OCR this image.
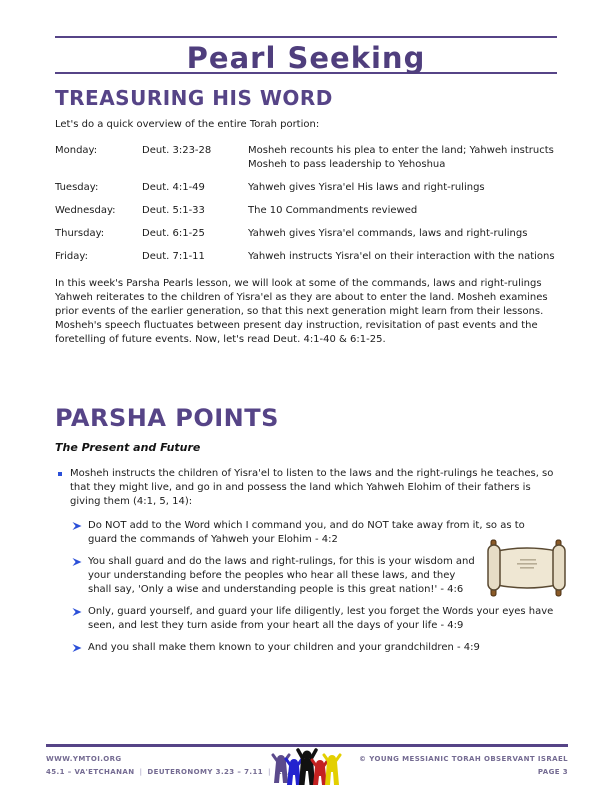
Pearl Seeking
TREASURING HIS WORD

Let's do a quick overview of the entire Torah portion:

Monday:	Deut. 3:23-28	Mosheh recounts his plea to enter the land; Yahweh instructs Mosheh to pass leadership to Yehoshua
Tuesday:	Deut. 4:1-49	Yahweh gives Yisra'el His laws and right-rulings
Wednesday:	Deut. 5:1-33	The 10 Commandments reviewed
Thursday:	Deut. 6:1-25	Yahweh gives Yisra'el commands, laws and right-rulings
Friday:	Deut. 7:1-11	Yahweh instructs Yisra'el on their interaction with the nations

In this week's Parsha Pearls lesson, we will look at some of the commands, laws and right-rulings Yahweh reiterates to the children of Yisra'el as they are about to enter the land. Mosheh examines prior events of the earlier generation, so that this next generation might learn from their lessons. Mosheh's speech fluctuates between present day instruction, revisitation of past events and the foretelling of future events. Now, let's read Deut. 4:1-40 & 6:1-25.

PARSHA POINTS
The Present and Future
Mosheh instructs the children of Yisra'el to listen to the laws and the right-rulings he teaches, so that they might live, and go in and possess the land which Yahweh Elohim of their fathers is giving them (4:1, 5, 14):
Do NOT add to the Word which I command you, and do NOT take away from it, so as to guard the commands of Yahweh your Elohim - 4:2
You shall guard and do the laws and right-rulings, for this is your wisdom and your understanding before the peoples who hear all these laws, and they shall say, 'Only a wise and understanding people is this great nation!' - 4:6
Only, guard yourself, and guard your life diligently, lest you forget the Words your eyes have seen, and lest they turn aside from your heart all the days of your life - 4:9
And you shall make them known to your children and your grandchildren - 4:9
WWW.YMTOI.ORG
45.1 – VA'ETCHANAN | DEUTERONOMY 3.23 – 7.11 |
© YOUNG MESSIANIC TORAH OBSERVANT ISRAEL
PAGE 3
